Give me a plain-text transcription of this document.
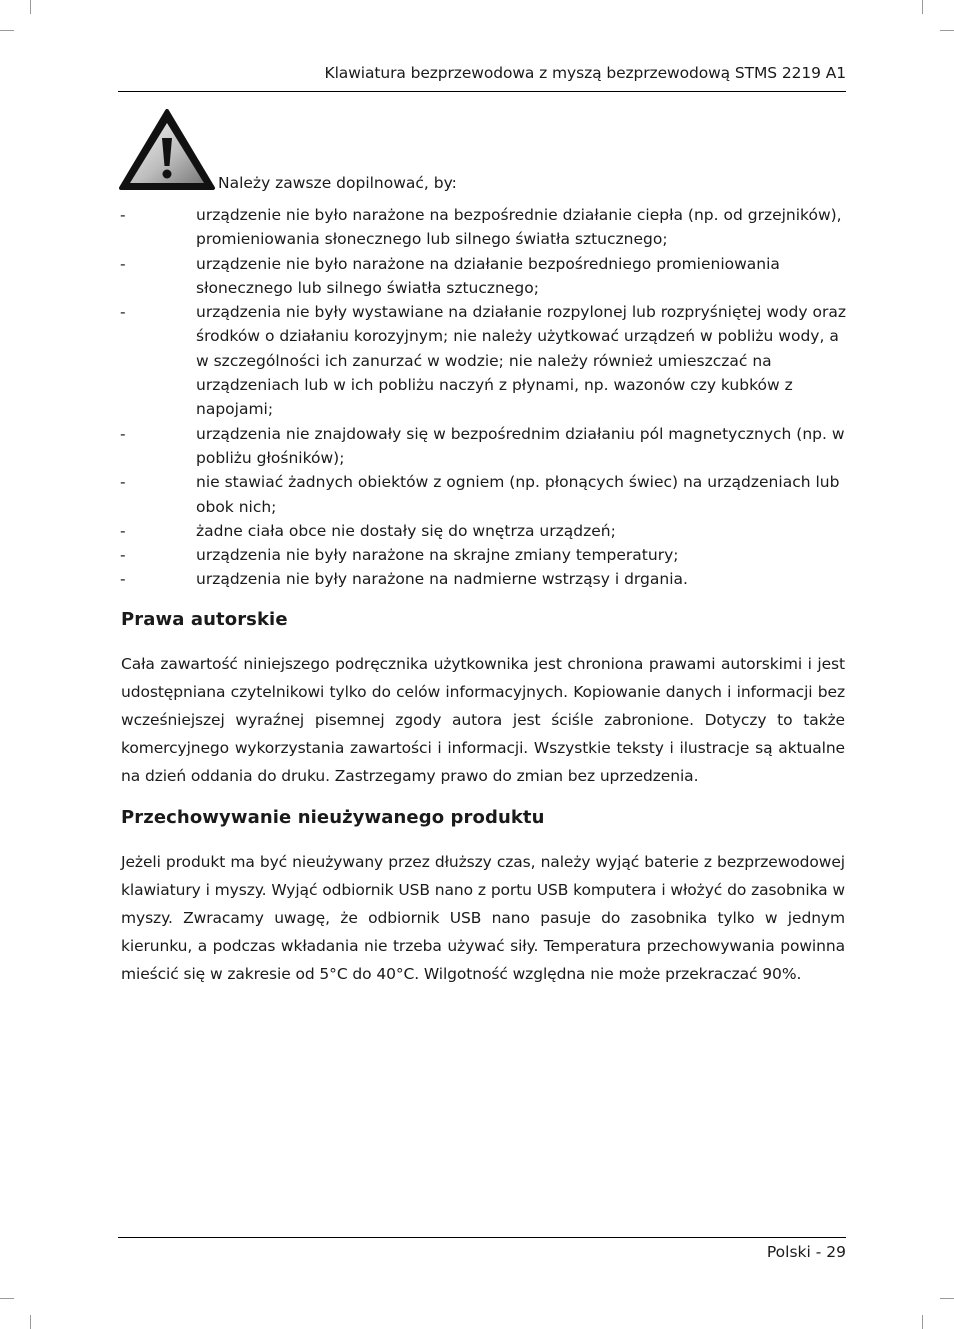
Klawiatura bezprzewodowa z myszą bezprzewodową STMS 2219 A1
Należy zawsze dopilnować, by:
-	urządzenie nie było narażone na bezpośrednie działanie ciepła (np. od grzejników), promieniowania słonecznego lub silnego światła sztucznego;
-	urządzenie nie było narażone na działanie bezpośredniego promieniowania słonecznego lub silnego światła sztucznego;
-	urządzenia nie były wystawiane na działanie rozpylonej lub rozpryśniętej wody oraz środków o działaniu korozyjnym; nie należy użytkować urządzeń w pobliżu wody, a w szczególności ich zanurzać w wodzie; nie należy również umieszczać na urządzeniach lub w ich pobliżu naczyń z płynami, np. wazonów czy kubków z napojami;
-	urządzenia nie znajdowały się w bezpośrednim działaniu pól magnetycznych (np. w pobliżu głośników);
-	nie stawiać żadnych obiektów z ogniem (np. płonących świec) na urządzeniach lub obok nich;
-	żadne ciała obce nie dostały się do wnętrza urządzeń;
-	urządzenia nie były narażone na skrajne zmiany temperatury;
-	urządzenia nie były narażone na nadmierne wstrząsy i drgania.
Prawa autorskie

Cała zawartość niniejszego podręcznika użytkownika jest chroniona prawami autorskimi i jest udostępniana czytelnikowi tylko do celów informacyjnych. Kopiowanie danych i informacji bez wcześniejszej wyraźnej pisemnej zgody autora jest ściśle zabronione. Dotyczy to także komercyjnego wykorzystania zawartości i informacji. Wszystkie teksty i ilustracje są aktualne na dzień oddania do druku. Zastrzegamy prawo do zmian bez uprzedzenia.

Przechowywanie nieużywanego produktu

Jeżeli produkt ma być nieużywany przez dłuższy czas, należy wyjąć baterie z bezprzewodowej klawiatury i myszy. Wyjąć odbiornik USB nano z portu USB komputera i włożyć do zasobnika w myszy. Zwracamy uwagę, że odbiornik USB nano pasuje do zasobnika tylko w jednym kierunku, a podczas wkładania nie trzeba używać siły. Temperatura przechowywania powinna mieścić się w zakresie od 5°C do 40°C. Wilgotność względna nie może przekraczać 90%.

Polski - 29
